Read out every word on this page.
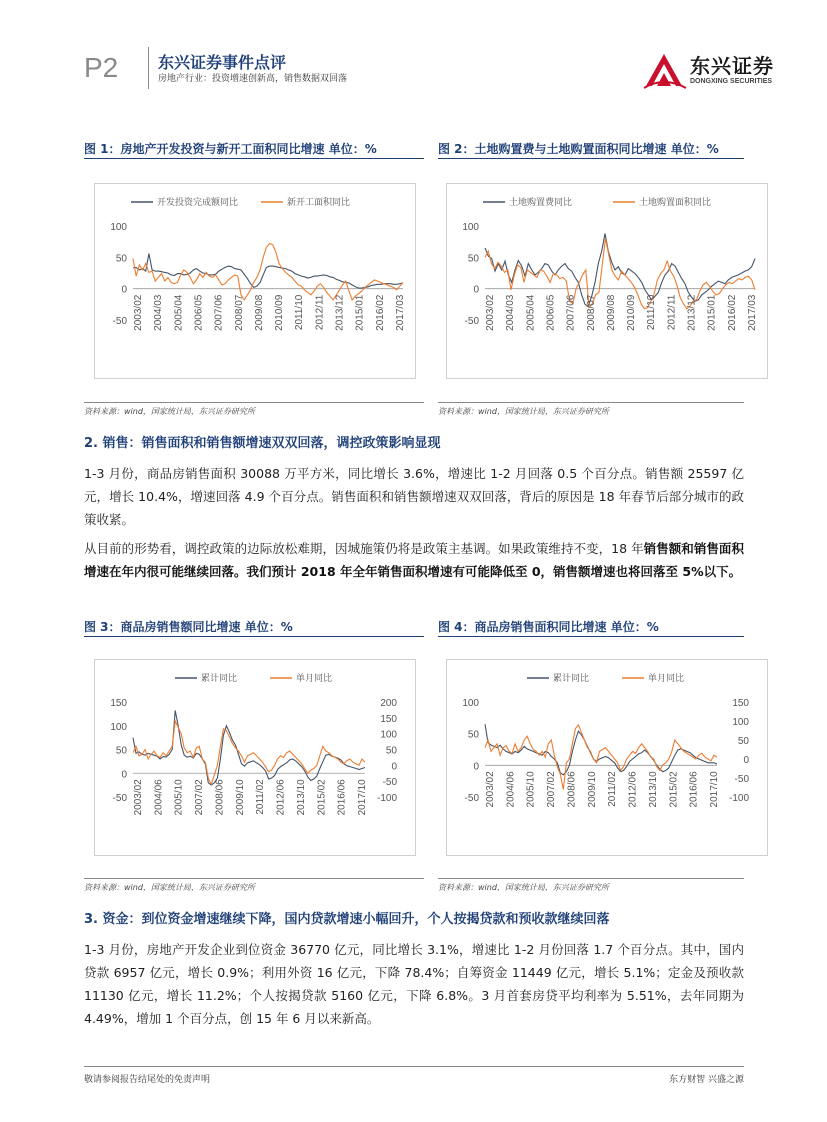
P2 东兴证券事件点评
房地产行业：投资增速创新高，销售数据双回落
东兴证券
DONGXING SECURITIES
图 1：房地产开发投资与新开工面积同比增速 单位：%
开发投资完成额同比	新开工面积同比
100
50
0
-50 2003/02 2004/03 2005/04 2006/05 2007/06 2008/07 2009/08 2010/09 2011/10 2012/11 2013/12 2015/01 2016/02 2017/03
资料来源：wind，国家统计局，东兴证券研究所
图 2：土地购置费与土地购置面积同比增速 单位：%
土地购置费同比	土地购置面积同比
100
50
0
-50 2003/02 2004/03 2005/04 2006/05 2007/06 2008/07 2009/08 2010/09 2011/10 2012/11 2013/12 2015/01 2016/02 2017/03
资料来源：wind，国家统计局，东兴证券研究所
2. 销售：销售面积和销售额增速双双回落，调控政策影响显现
1-3 月份，商品房销售面积 30088 万平方米，同比增长 3.6%，增速比 1-2 月回落 0.5 个百分点。销售额 25597 亿元，增长 10.4%，增速回落 4.9 个百分点。销售面积和销售额增速双双回落，背后的原因是 18 年春节后部分城市的政策收紧。
从目前的形势看，调控政策的边际放松难期，因城施策仍将是政策主基调。如果政策维持不变，18 年销售额和销售面积增速在年内很可能继续回落。我们预计 2018 年全年销售面积增速有可能降低至 0，销售额增速也将回落至 5%以下。
图 3：商品房销售额同比增速 单位：%
累计同比	单月同比
150
100
50
0
-50
200
150
100
50
0
-50
-100
2003/02 2004/06 2005/10 2007/02 2008/06 2009/10 2011/02 2012/06 2013/10 2015/02 2016/06 2017/10
资料来源：wind，国家统计局，东兴证券研究所
图 4：商品房销售面积同比增速 单位：%
累计同比	单月同比
100
50
0
-50
150
100
50
0
-50
-100
2003/02 2004/06 2005/10 2007/02 2008/06 2009/10 2011/02 2012/06 2013/10 2015/02 2016/06 2017/10
资料来源：wind，国家统计局，东兴证券研究所
3. 资金：到位资金增速继续下降，国内贷款增速小幅回升，个人按揭贷款和预收款继续回落
1-3 月份，房地产开发企业到位资金 36770 亿元，同比增长 3.1%，增速比 1-2 月份回落 1.7 个百分点。其中，国内贷款 6957 亿元，增长 0.9%；利用外资 16 亿元，下降 78.4%；自筹资金 11449 亿元，增长 5.1%；定金及预收款 11130 亿元，增长 11.2%；个人按揭贷款 5160 亿元，下降 6.8%。3 月首套房贷平均利率为 5.51%，去年同期为 4.49%，增加 1 个百分点，创 15 年 6 月以来新高。
敬请参阅报告结尾处的免责声明	东方财智 兴盛之源
